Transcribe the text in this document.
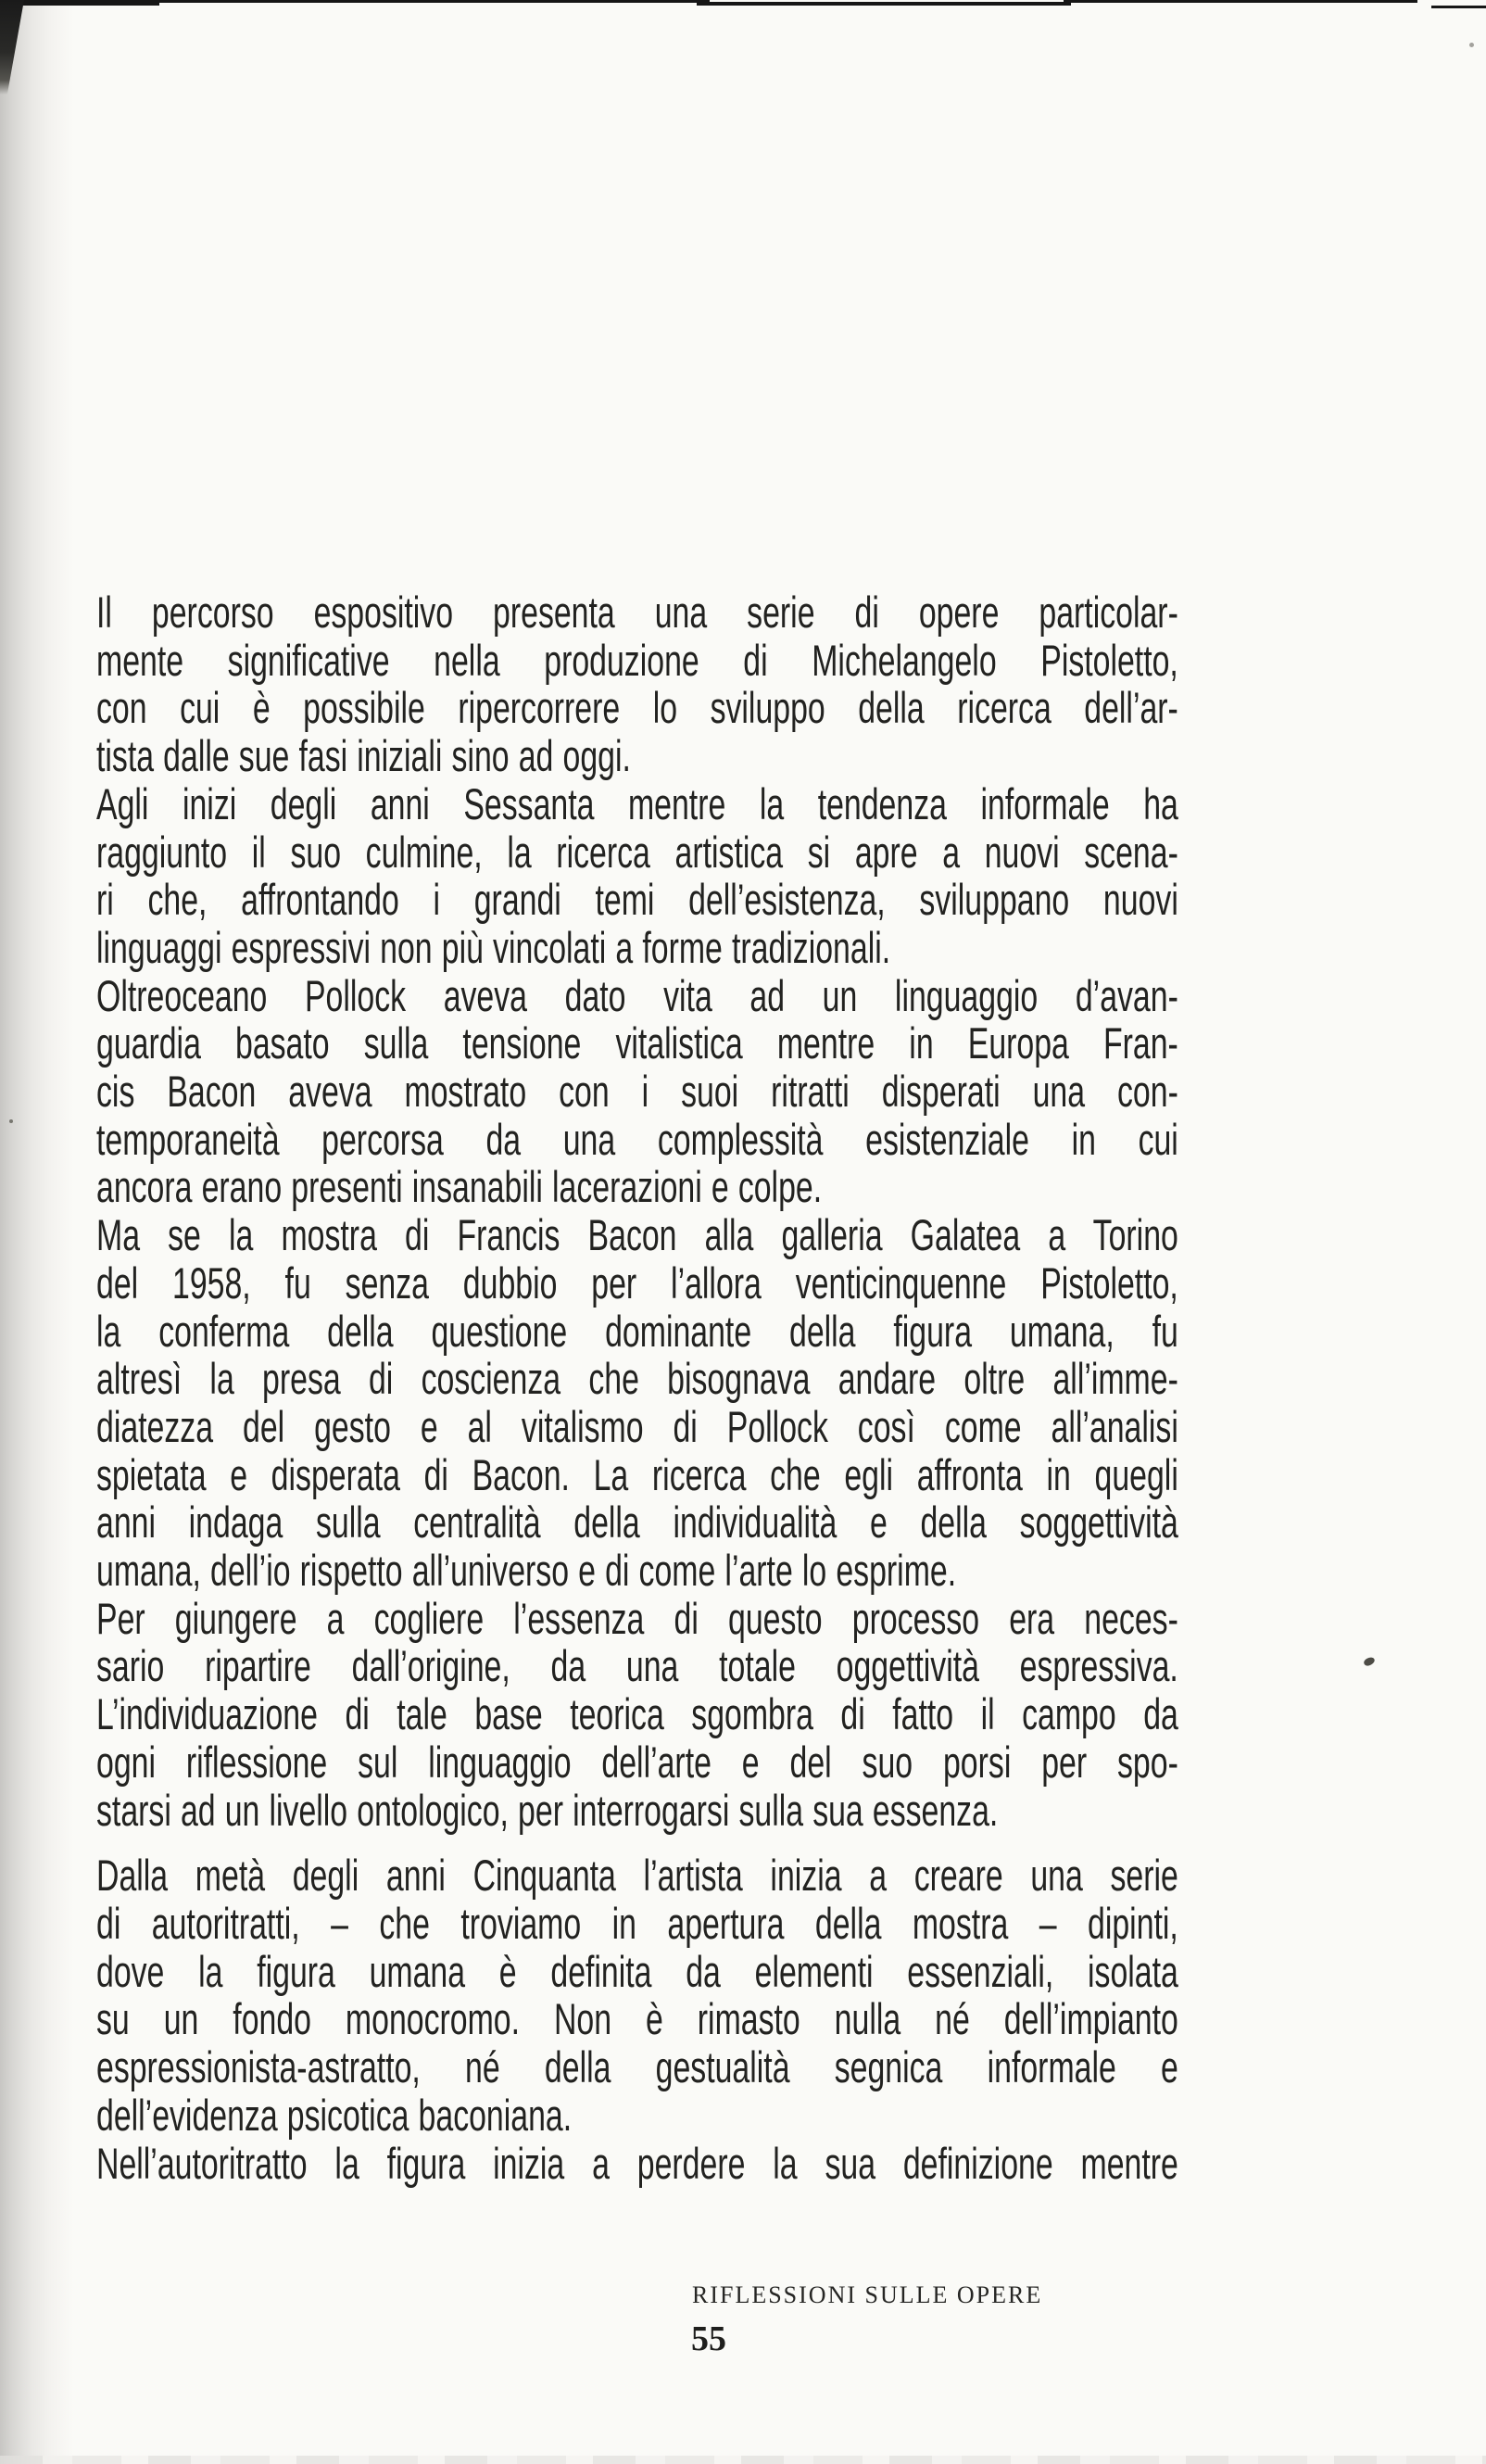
Il percorso espositivo presenta una serie di opere particolar-
mente significative nella produzione di Michelangelo Pistoletto,
con cui è possibile ripercorrere lo sviluppo della ricerca dell’ar-
tista dalle sue fasi iniziali sino ad oggi.
Agli inizi degli anni Sessanta mentre la tendenza informale ha
raggiunto il suo culmine, la ricerca artistica si apre a nuovi scena-
ri che, affrontando i grandi temi dell’esistenza, sviluppano nuovi
linguaggi espressivi non più vincolati a forme tradizionali.
Oltreoceano Pollock aveva dato vita ad un linguaggio d’avan-
guardia basato sulla tensione vitalistica mentre in Europa Fran-
cis Bacon aveva mostrato con i suoi ritratti disperati una con-
temporaneità percorsa da una complessità esistenziale in cui
ancora erano presenti insanabili lacerazioni e colpe.
Ma se la mostra di Francis Bacon alla galleria Galatea a Torino
del 1958, fu senza dubbio per l’allora venticinquenne Pistoletto,
la conferma della questione dominante della figura umana, fu
altresì la presa di coscienza che bisognava andare oltre all’imme-
diatezza del gesto e al vitalismo di Pollock così come all’analisi
spietata e disperata di Bacon. La ricerca che egli affronta in quegli
anni indaga sulla centralità della individualità e della soggettività
umana, dell’io rispetto all’universo e di come l’arte lo esprime.
Per giungere a cogliere l’essenza di questo processo era neces-
sario ripartire dall’origine, da una totale oggettività espressiva.
L’individuazione di tale base teorica sgombra di fatto il campo da
ogni riflessione sul linguaggio dell’arte e del suo porsi per spo-
starsi ad un livello ontologico, per interrogarsi sulla sua essenza.
Dalla metà degli anni Cinquanta l’artista inizia a creare una serie
di autoritratti, – che troviamo in apertura della mostra – dipinti,
dove la figura umana è definita da elementi essenziali, isolata
su un fondo monocromo. Non è rimasto nulla né dell’impianto
espressionista-astratto, né della gestualità segnica informale e
dell’evidenza psicotica baconiana.
Nell’autoritratto la figura inizia a perdere la sua definizione mentre
RIFLESSIONI SULLE OPERE
55
